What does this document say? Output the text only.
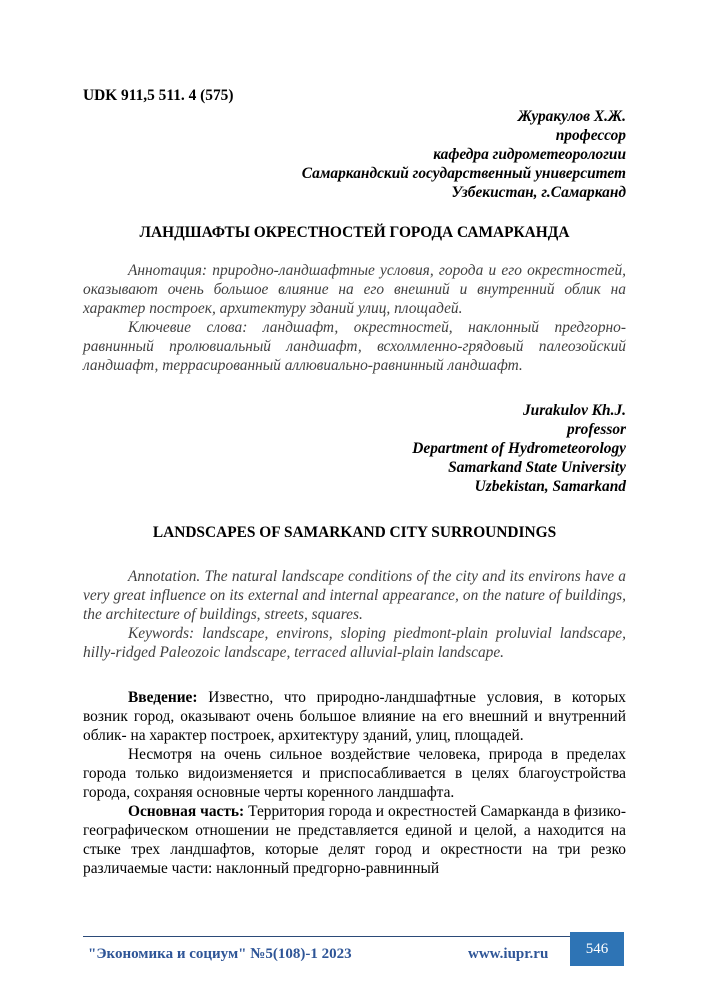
UDK 911,5 511. 4 (575)
Журакулов Х.Ж.
профессор
кафедра гидрометеорологии
Самаркандский государственный университет
Узбекистан, г.Самарканд
ЛАНДШАФТЫ ОКРЕСТНОСТЕЙ ГОРОДА САМАРКАНДА
Аннотация: природно-ландшафтные условия, города и его окрестностей, оказывают очень большое влияние на его внешний и внутренний облик на характер построек, архитектуру зданий улиц, площадей.
Ключевие слова: ландшафт, окрестностей, наклонный предгорно-равнинный пролювиальный ландшафт, всхолмленно-грядовый палеозойский ландшафт, террасированный аллювиально-равнинный ландшафт.
Jurakulov Kh.J.
professor
Department of Hydrometeorology
Samarkand State University
Uzbekistan, Samarkand
LANDSCAPES OF SAMARKAND CITY SURROUNDINGS
Annotation. The natural landscape conditions of the city and its environs have a very great influence on its external and internal appearance, on the nature of buildings, the architecture of buildings, streets, squares.
Keywords: landscape, environs, sloping piedmont-plain proluvial landscape, hilly-ridged Paleozoic landscape, terraced alluvial-plain landscape.
Введение: Известно, что природно-ландшафтные условия, в которых возник город, оказывают очень большое влияние на его внешний и внутренний облик- на характер построек, архитектуру зданий, улиц, площадей.
Несмотря на очень сильное воздействие человека, природа в пределах города только видоизменяется и приспосабливается в целях благоустройства города, сохраняя основные черты коренного ландшафта.
Основная часть: Территория города и окрестностей Самарканда в физико-географическом отношении не представляется единой и целой, а находится на стыке трех ландшафтов, которые делят город и окрестности на три резко различаемые части: наклонный предгорно-равнинный
"Экономика и социум" №5(108)-1 2023	www.iupr.ru 546
